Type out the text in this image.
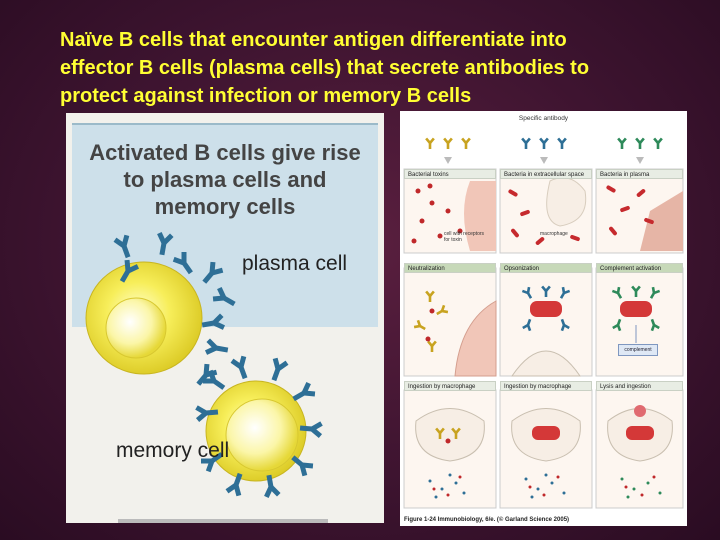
Naïve B cells that encounter antigen differentiate into
effector B cells (plasma cells) that secrete antibodies to
protect against infection or memory B cells
Activated B cells give rise
to plasma cells and
memory cells
plasma cell
memory cell
Specific antibody
Bacterial toxins	Bacteria in extracellular space	Bacteria in plasma
Neutralization	Opsonization	Complement activation
Ingestion by macrophage	Ingestion by macrophage	Lysis and ingestion
cell with receptors for toxin
macrophage
complement
Figure 1-24 Immunobiology, 6/e. (© Garland Science 2005)
